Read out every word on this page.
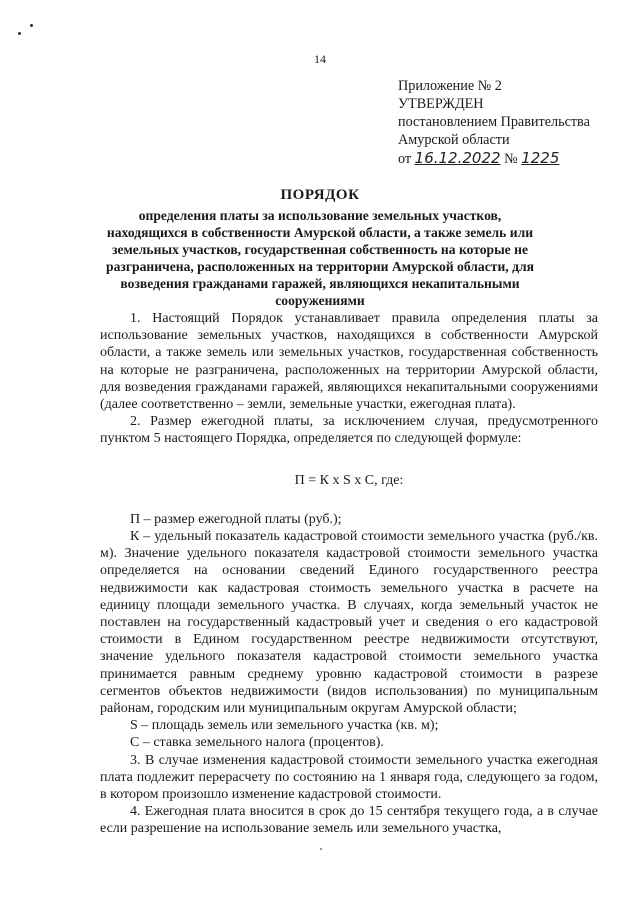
14
Приложение № 2
УТВЕРЖДЕН
постановлением Правительства
Амурской области
от 16.12.2022 № 1225
ПОРЯДОК
определения платы за использование земельных участков, находящихся в собственности Амурской области, а также земель или земельных участков, государственная собственность на которые не разграничена, расположенных на территории Амурской области, для возведения гражданами гаражей, являющихся некапитальными сооружениями

1. Настоящий Порядок устанавливает правила определения платы за использование земельных участков, находящихся в собственности Амурской области, а также земель или земельных участков, государственная собственность на которые не разграничена, расположенных на территории Амурской области, для возведения гражданами гаражей, являющихся некапитальными сооружениями (далее соответственно – земли, земельные участки, ежегодная плата).

2. Размер ежегодной платы, за исключением случая, предусмотренного пунктом 5 настоящего Порядка, определяется по следующей формуле:

П = К x S x С, где:

П – размер ежегодной платы (руб.);

К – удельный показатель кадастровой стоимости земельного участка (руб./кв. м). Значение удельного показателя кадастровой стоимости земельного участка определяется на основании сведений Единого государственного реестра недвижимости как кадастровая стоимость земельного участка в расчете на единицу площади земельного участка. В случаях, когда земельный участок не поставлен на государственный кадастровый учет и сведения о его кадастровой стоимости в Едином государственном реестре недвижимости отсутствуют, значение удельного показателя кадастровой стоимости земельного участка принимается равным среднему уровню кадастровой стоимости в разрезе сегментов объектов недвижимости (видов использования) по муниципальным районам, городским или муниципальным округам Амурской области;

S – площадь земель или земельного участка (кв. м);

С – ставка земельного налога (процентов).

3. В случае изменения кадастровой стоимости земельного участка ежегодная плата подлежит перерасчету по состоянию на 1 января года, следующего за годом, в котором произошло изменение кадастровой стоимости.

4. Ежегодная плата вносится в срок до 15 сентября текущего года, а в случае если разрешение на использование земель или земельного участка,
